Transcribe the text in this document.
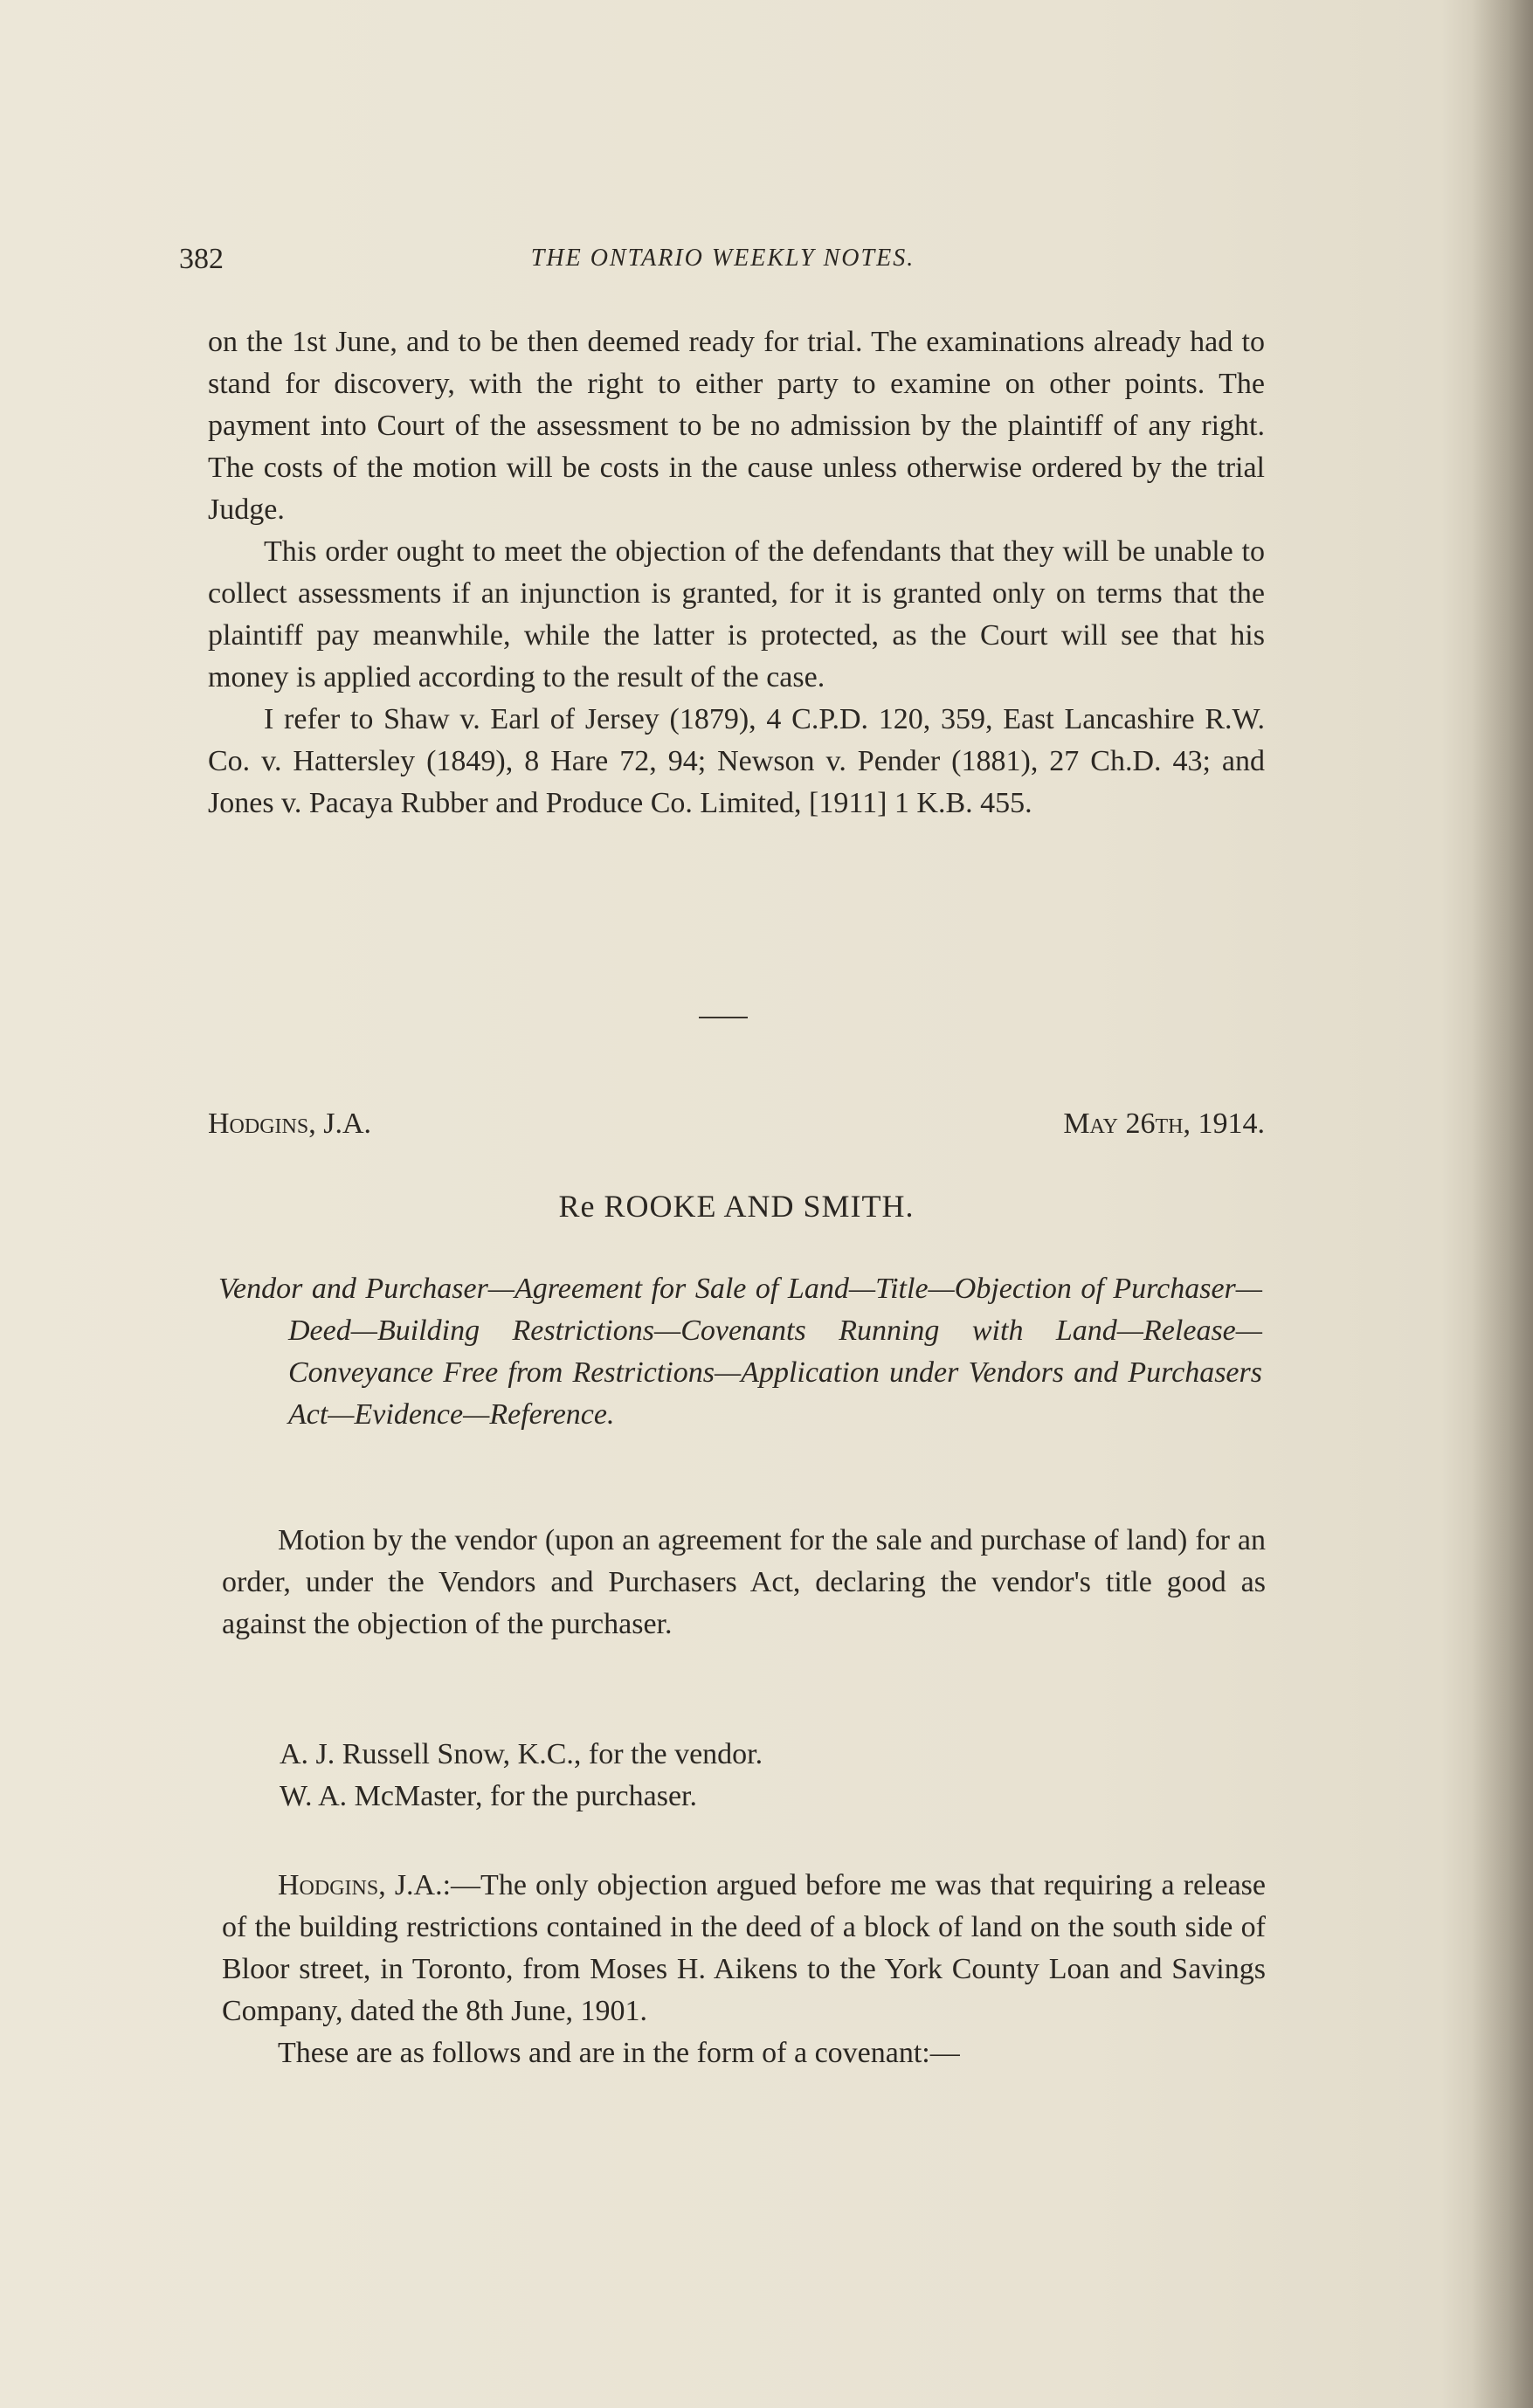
382	THE ONTARIO WEEKLY NOTES.

on the 1st June, and to be then deemed ready for trial. The examinations already had to stand for discovery, with the right to either party to examine on other points. The payment into Court of the assessment to be no admission by the plaintiff of any right. The costs of the motion will be costs in the cause unless otherwise ordered by the trial Judge.

This order ought to meet the objection of the defendants that they will be unable to collect assessments if an injunction is granted, for it is granted only on terms that the plaintiff pay meanwhile, while the latter is protected, as the Court will see that his money is applied according to the result of the case.

I refer to Shaw v. Earl of Jersey (1879), 4 C.P.D. 120, 359, East Lancashire R.W. Co. v. Hattersley (1849), 8 Hare 72, 94; Newson v. Pender (1881), 27 Ch.D. 43; and Jones v. Pacaya Rubber and Produce Co. Limited, [1911] 1 K.B. 455.

Hodgins, J.A.	May 26th, 1914.
Re ROOKE AND SMITH.

Vendor and Purchaser—Agreement for Sale of Land—Title—Objection of Purchaser—Deed—Building Restrictions—Covenants Running with Land—Release—Conveyance Free from Restrictions—Application under Vendors and Purchasers Act—Evidence—Reference.

Motion by the vendor (upon an agreement for the sale and purchase of land) for an order, under the Vendors and Purchasers Act, declaring the vendor's title good as against the objection of the purchaser.

A. J. Russell Snow, K.C., for the vendor.
W. A. McMaster, for the purchaser.

Hodgins, J.A.:—The only objection argued before me was that requiring a release of the building restrictions contained in the deed of a block of land on the south side of Bloor street, in Toronto, from Moses H. Aikens to the York County Loan and Savings Company, dated the 8th June, 1901.

These are as follows and are in the form of a covenant:—
